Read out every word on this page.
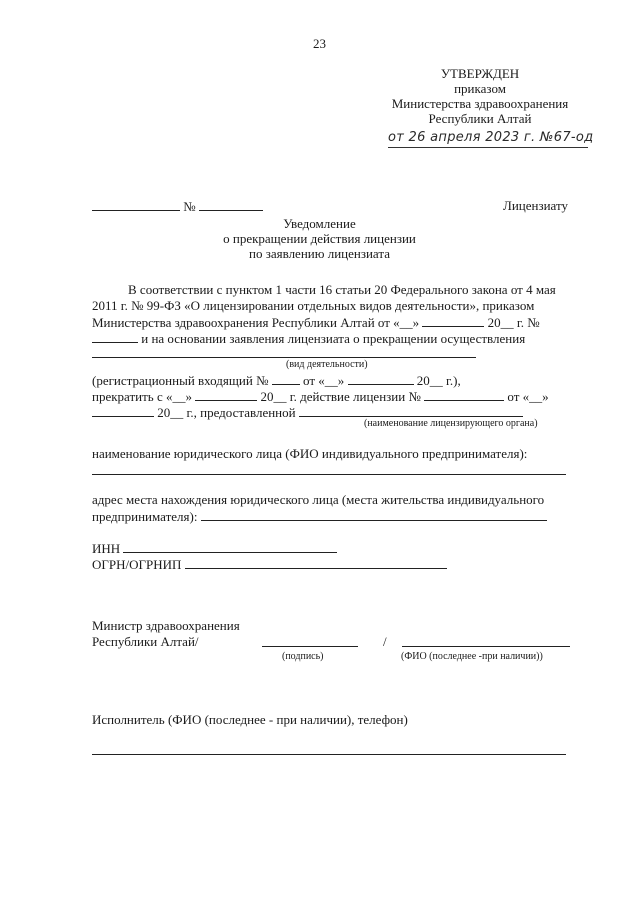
23
УТВЕРЖДЕН
приказом
Министерства здравоохранения
Республики Алтай
от 26 апреля 2023 г. №67-од
№	Лицензиату
Уведомление
о прекращении действия лицензии
по заявлению лицензиата
В соответствии с пунктом 1 части 16 статьи 20 Федерального закона от 4 мая
2011 г. № 99-ФЗ «О лицензировании отдельных видов деятельности», приказом
Министерства здравоохранения Республики Алтай от «__»	20__ г. №
и на основании заявления лицензиата о прекращении осуществления
(вид деятельности)
(регистрационный входящий №	от «__»	20__ г.),
прекратить с «__»	20__ г. действие лицензии №	от «__»
20__ г., предоставленной
(наименование лицензирующего органа)
наименование юридического лица (ФИО индивидуального предпринимателя):
адрес места нахождения юридического лица (места жительства индивидуального
предпринимателя):
ИНН
ОГРН/ОГРНИП
Министр здравоохранения
Республики Алтай/	/
(подпись)	(ФИО (последнее -при наличии))
Исполнитель (ФИО (последнее - при наличии), телефон)
